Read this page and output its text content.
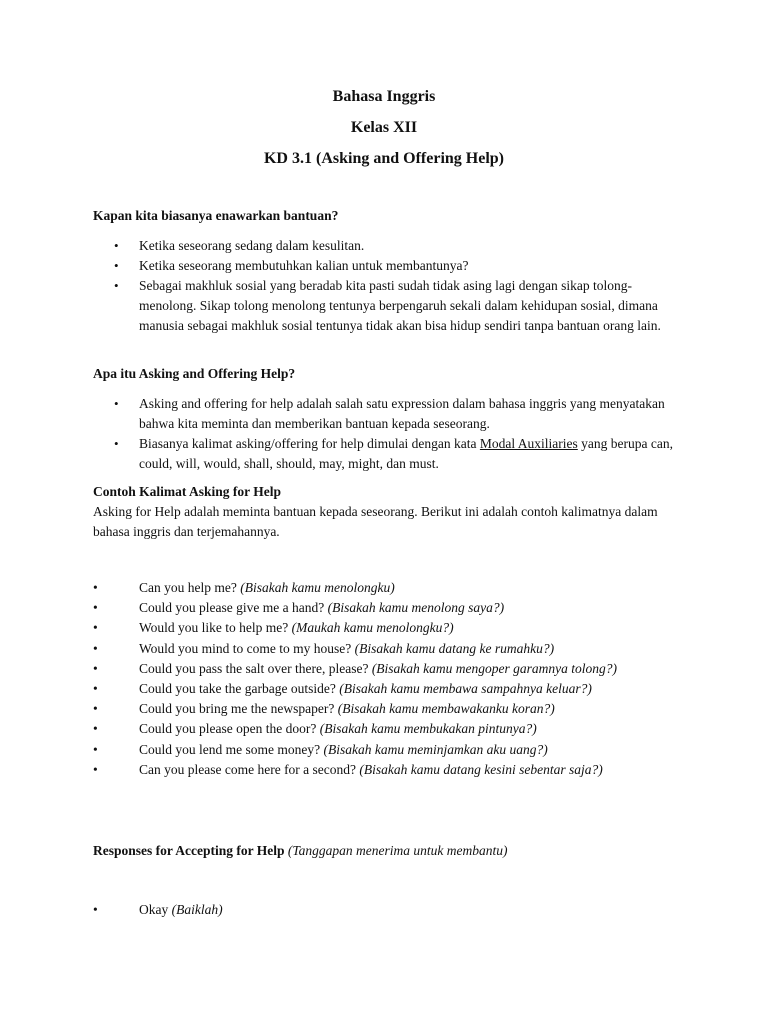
Bahasa Inggris
Kelas XII
KD 3.1 (Asking and Offering Help)
Kapan kita biasanya enawarkan bantuan?
• Ketika seseorang sedang dalam kesulitan.
• Ketika seseorang membutuhkan kalian untuk membantunya?
• Sebagai makhluk sosial yang beradab kita pasti sudah tidak asing lagi dengan sikap tolong-menolong. Sikap tolong menolong tentunya berpengaruh sekali dalam kehidupan sosial, dimana manusia sebagai makhluk sosial tentunya tidak akan bisa hidup sendiri tanpa bantuan orang lain.
Apa itu Asking and Offering Help?
• Asking and offering for help adalah salah satu expression dalam bahasa inggris yang menyatakan bahwa kita meminta dan memberikan bantuan kepada seseorang.
• Biasanya kalimat asking/offering for help dimulai dengan kata Modal Auxiliaries yang berupa can, could, will, would, shall, should, may, might, dan must.
Contoh Kalimat Asking for Help
Asking for Help adalah meminta bantuan kepada seseorang. Berikut ini adalah contoh kalimatnya dalam bahasa inggris dan terjemahannya.
• Can you help me? (Bisakah kamu menolongku)
• Could you please give me a hand? (Bisakah kamu menolong saya?)
• Would you like to help me? (Maukah kamu menolongku?)
• Would you mind to come to my house? (Bisakah kamu datang ke rumahku?)
• Could you pass the salt over there, please? (Bisakah kamu mengoper garamnya tolong?)
• Could you take the garbage outside? (Bisakah kamu membawa sampahnya keluar?)
• Could you bring me the newspaper? (Bisakah kamu membawakanku koran?)
• Could you please open the door? (Bisakah kamu membukakan pintunya?)
• Could you lend me some money? (Bisakah kamu meminjamkan aku uang?)
• Can you please come here for a second? (Bisakah kamu datang kesini sebentar saja?)
Responses for Accepting for Help (Tanggapan menerima untuk membantu)
• Okay (Baiklah)
